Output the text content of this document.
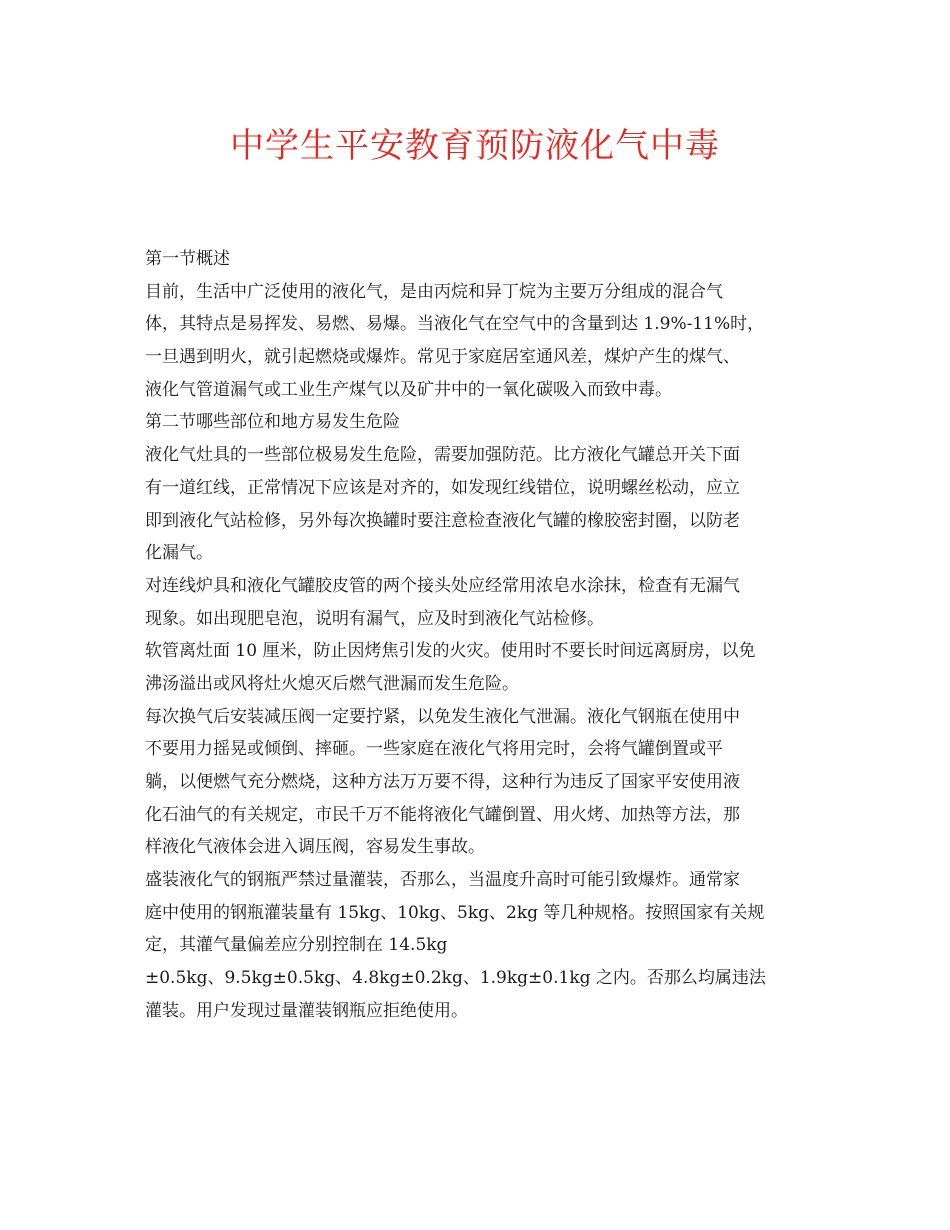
中学生平安教育预防液化气中毒
第一节概述
目前，生活中广泛使用的液化气，是由丙烷和异丁烷为主要万分组成的混合气
体，其特点是易挥发、易燃、易爆。当液化气在空气中的含量到达 1.9%-11%时，
一旦遇到明火，就引起燃烧或爆炸。常见于家庭居室通风差，煤炉产生的煤气、
液化气管道漏气或工业生产煤气以及矿井中的一氧化碳吸入而致中毒。
第二节哪些部位和地方易发生危险
液化气灶具的一些部位极易发生危险，需要加强防范。比方液化气罐总开关下面
有一道红线，正常情况下应该是对齐的，如发现红线错位，说明螺丝松动，应立
即到液化气站检修，另外每次换罐时要注意检查液化气罐的橡胶密封圈，以防老
化漏气。
对连线炉具和液化气罐胶皮管的两个接头处应经常用浓皂水涂抹，检查有无漏气
现象。如出现肥皂泡，说明有漏气，应及时到液化气站检修。
软管离灶面 10 厘米，防止因烤焦引发的火灾。使用时不要长时间远离厨房，以免
沸汤溢出或风将灶火熄灭后燃气泄漏而发生危险。
每次换气后安装减压阀一定要拧紧，以免发生液化气泄漏。液化气钢瓶在使用中
不要用力摇晃或倾倒、摔砸。一些家庭在液化气将用完时，会将气罐倒置或平
躺，以便燃气充分燃烧，这种方法万万要不得，这种行为违反了国家平安使用液
化石油气的有关规定，市民千万不能将液化气罐倒置、用火烤、加热等方法，那
样液化气液体会进入调压阀，容易发生事故。
盛装液化气的钢瓶严禁过量灌装，否那么，当温度升高时可能引致爆炸。通常家
庭中使用的钢瓶灌装量有 15kg、10kg、5kg、2kg 等几种规格。按照国家有关规
定，其灌气量偏差应分别控制在 14.5kg
±0.5kg、9.5kg±0.5kg、4.8kg±0.2kg、1.9kg±0.1kg 之内。否那么均属违法
灌装。用户发现过量灌装钢瓶应拒绝使用。
